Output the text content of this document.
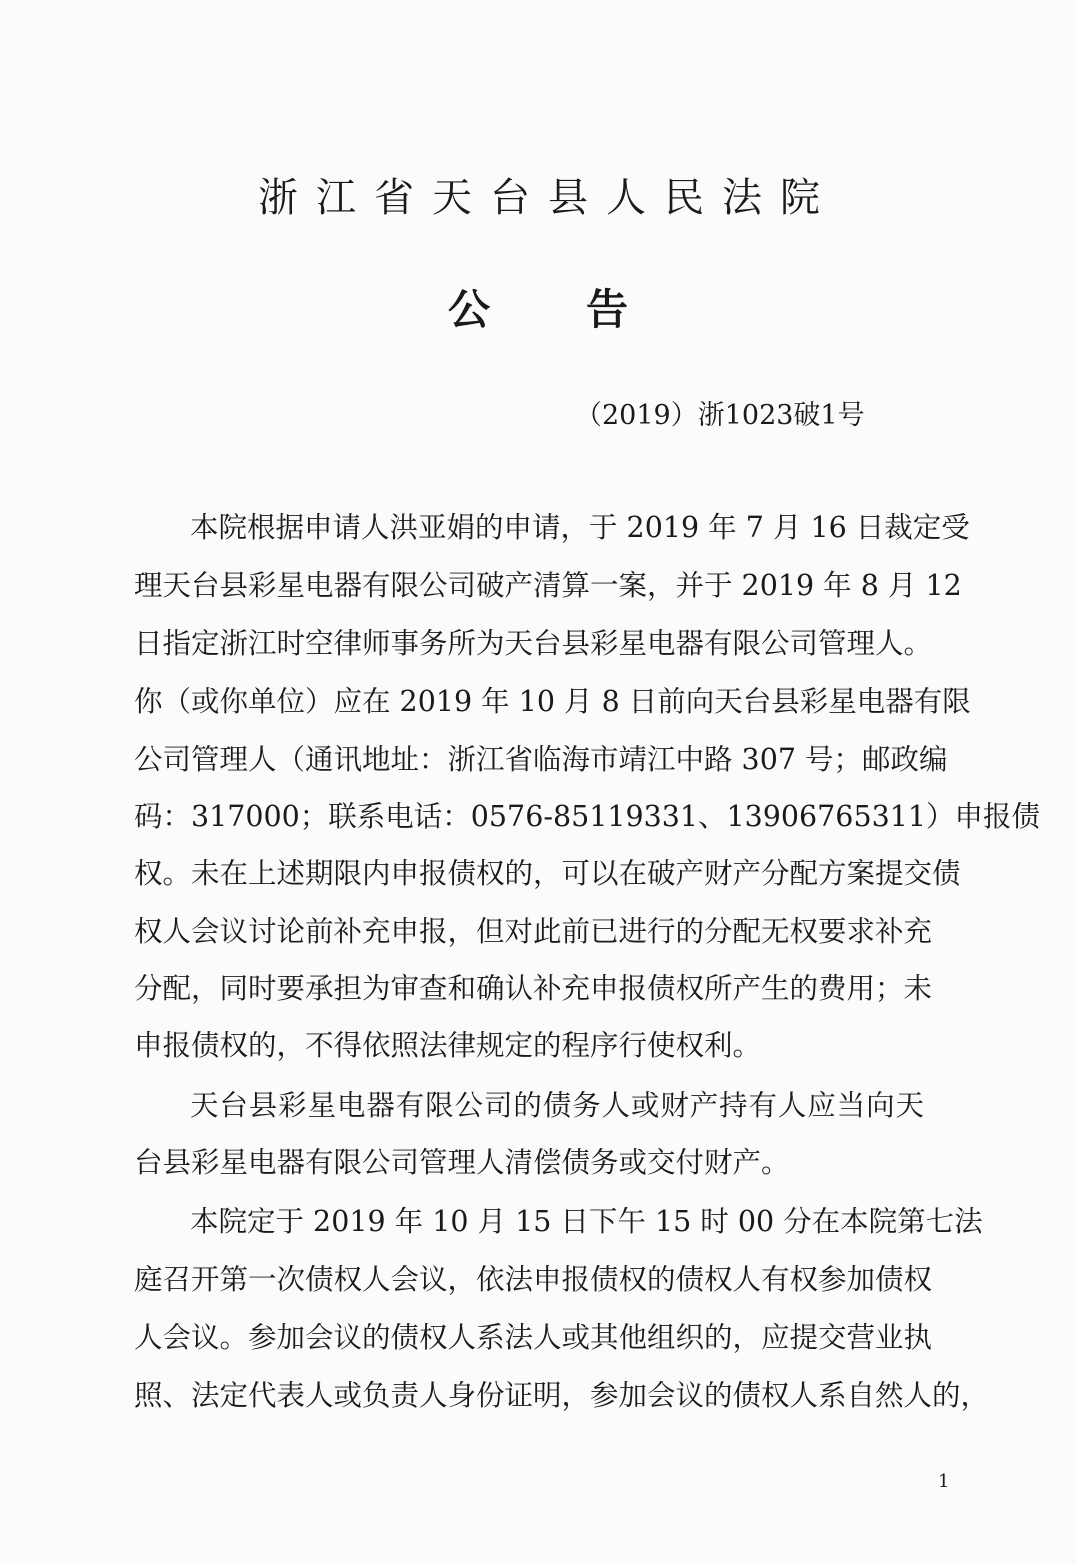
浙江省天台县人民法院
公告
（2019）浙1023破1号
本院根据申请人洪亚娟的申请，于 2019 年 7 月 16 日裁定受
理天台县彩星电器有限公司破产清算一案，并于 2019 年 8 月 12
日指定浙江时空律师事务所为天台县彩星电器有限公司管理人。
你（或你单位）应在 2019 年 10 月 8 日前向天台县彩星电器有限
公司管理人（通讯地址：浙江省临海市靖江中路 307 号；邮政编
码：317000；联系电话：0576-85119331、13906765311）申报债
权。未在上述期限内申报债权的，可以在破产财产分配方案提交债
权人会议讨论前补充申报，但对此前已进行的分配无权要求补充
分配，同时要承担为审查和确认补充申报债权所产生的费用；未
申报债权的，不得依照法律规定的程序行使权利。
天台县彩星电器有限公司的债务人或财产持有人应当向天
台县彩星电器有限公司管理人清偿债务或交付财产。
本院定于 2019 年 10 月 15 日下午 15 时 00 分在本院第七法
庭召开第一次债权人会议，依法申报债权的债权人有权参加债权
人会议。参加会议的债权人系法人或其他组织的，应提交营业执
照、法定代表人或负责人身份证明，参加会议的债权人系自然人的，
1
